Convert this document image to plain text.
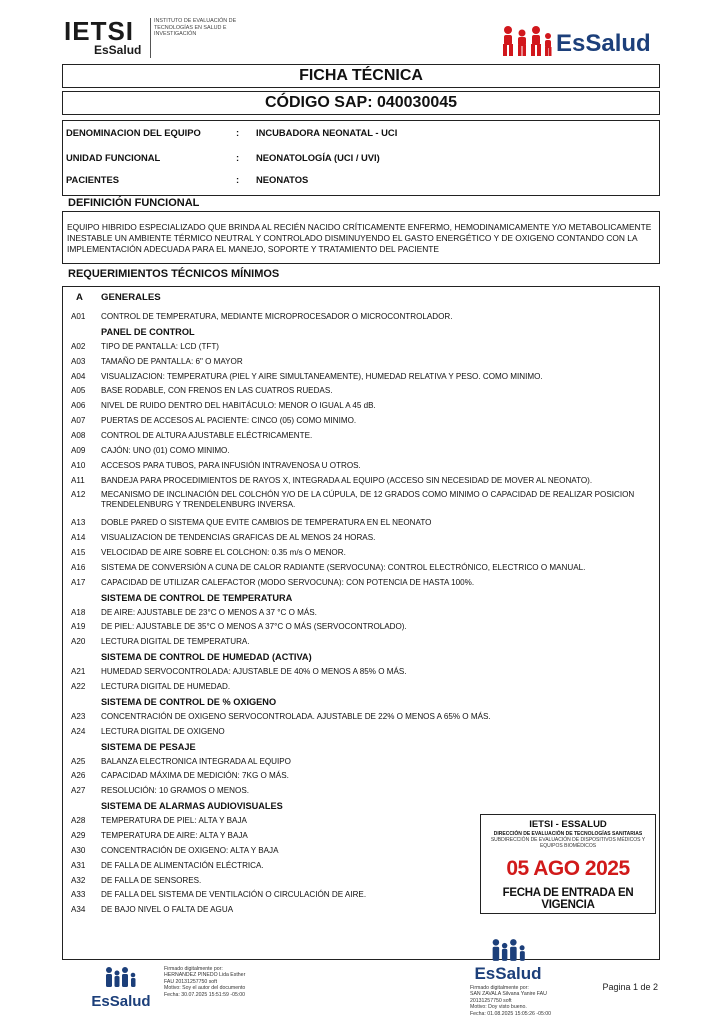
IETSI
EsSalud
INSTITUTO DE EVALUACIÓN DE TECNOLOGÍAS EN SALUD E INVESTIGACIÓN	EsSalud
FICHA TÉCNICA
CÓDIGO SAP: 040030045
DENOMINACION DEL EQUIPO	: INCUBADORA NEONATAL - UCI
UNIDAD FUNCIONAL	: NEONATOLOGÍA (UCI / UVI)
PACIENTES	: NEONATOS
DEFINICIÓN FUNCIONAL
EQUIPO HIBRIDO ESPECIALIZADO QUE BRINDA AL RECIÉN NACIDO CRÍTICAMENTE ENFERMO, HEMODINAMICAMENTE Y/O METABOLICAMENTE INESTABLE UN AMBIENTE TÉRMICO NEUTRAL Y CONTROLADO DISMINUYENDO EL GASTO ENERGÉTICO Y DE OXIGENO CONTANDO CON LA IMPLEMENTACIÓN ADECUADA PARA EL MANEJO, SOPORTE Y TRATAMIENTO DEL PACIENTE
REQUERIMIENTOS TÉCNICOS MÍNIMOS
A	GENERALES
A01	CONTROL DE TEMPERATURA, MEDIANTE MICROPROCESADOR O MICROCONTROLADOR.
PANEL DE CONTROL
A02	TIPO DE PANTALLA: LCD (TFT)
A03	TAMAÑO DE PANTALLA: 6" O MAYOR
A04	VISUALIZACION: TEMPERATURA (PIEL Y AIRE SIMULTANEAMENTE), HUMEDAD RELATIVA Y PESO. COMO MINIMO.
A05	BASE RODABLE, CON FRENOS EN LAS CUATROS RUEDAS.
A06	NIVEL DE RUIDO DENTRO DEL HABITÁCULO: MENOR O IGUAL A 45 dB.
A07	PUERTAS DE ACCESOS AL PACIENTE: CINCO (05) COMO MINIMO.
A08	CONTROL DE ALTURA AJUSTABLE ELÉCTRICAMENTE.
A09	CAJÓN: UNO (01) COMO MINIMO.
A10	ACCESOS PARA TUBOS, PARA INFUSIÓN INTRAVENOSA U OTROS.
A11	BANDEJA PARA PROCEDIMIENTOS DE RAYOS X, INTEGRADA AL EQUIPO (ACCESO SIN NECESIDAD DE MOVER AL NEONATO).
A12	MECANISMO DE INCLINACIÓN DEL COLCHÓN Y/O DE LA CÚPULA, DE 12 GRADOS COMO MINIMO O CAPACIDAD DE REALIZAR POSICION TRENDELENBURG Y TRENDELENBURG INVERSA.
A13	DOBLE PARED O SISTEMA QUE EVITE CAMBIOS DE TEMPERATURA EN EL NEONATO
A14	VISUALIZACION DE TENDENCIAS GRAFICAS DE AL MENOS 24 HORAS.
A15	VELOCIDAD DE AIRE SOBRE EL COLCHON: 0.35 m/s O MENOR.
A16	SISTEMA DE CONVERSIÓN A CUNA DE CALOR RADIANTE (SERVOCUNA): CONTROL ELECTRÓNICO, ELECTRICO O MANUAL.
A17	CAPACIDAD DE UTILIZAR CALEFACTOR (MODO SERVOCUNA): CON POTENCIA DE HASTA 100%.
SISTEMA DE CONTROL DE TEMPERATURA
A18	DE AIRE: AJUSTABLE DE 23°C O MENOS A 37 °C O MÁS.
A19	DE PIEL: AJUSTABLE DE 35°C O MENOS A 37°C O MÁS (SERVOCONTROLADO).
A20	LECTURA DIGITAL DE TEMPERATURA.
SISTEMA DE CONTROL DE HUMEDAD (ACTIVA)
A21	HUMEDAD SERVOCONTROLADA: AJUSTABLE DE 40% O MENOS A 85% O MÁS.
A22	LECTURA DIGITAL DE HUMEDAD.
SISTEMA DE CONTROL DE % OXIGENO
A23	CONCENTRACIÓN DE OXIGENO SERVOCONTROLADA. AJUSTABLE DE 22% O MENOS A 65% O MÁS.
A24	LECTURA DIGITAL DE OXIGENO
SISTEMA DE PESAJE
A25	BALANZA ELECTRONICA INTEGRADA AL EQUIPO
A26	CAPACIDAD MÁXIMA DE MEDICIÓN: 7KG O MÁS.
A27	RESOLUCIÓN: 10 GRAMOS O MENOS.
SISTEMA DE ALARMAS AUDIOVISUALES
A28	TEMPERATURA DE PIEL: ALTA Y BAJA
A29	TEMPERATURA DE AIRE: ALTA Y BAJA
A30	CONCENTRACIÓN DE OXIGENO: ALTA Y BAJA
A31	DE FALLA DE ALIMENTACIÓN ELÉCTRICA.
A32	DE FALLA DE SENSORES.
A33	DE FALLA DEL SISTEMA DE VENTILACIÓN O CIRCULACIÓN DE AIRE.
A34	DE BAJO NIVEL O FALTA DE AGUA
IETSI - ESSALUD
DIRECCIÓN DE EVALUACIÓN DE TECNOLOGÍAS SANITARIAS
SUBDIRECCIÓN DE EVALUACIÓN DE DISPOSITIVOS MÉDICOS Y EQUIPOS BIOMÉDICOS
05 AGO 2025
FECHA DE ENTRADA EN VIGENCIA
EsSalud
Firmado digitalmente por:
HERNANDEZ PINEDO Lida Esther
FAU 20131257750 soft
Motivo: Soy el autor del documento
Fecha: 30.07.2025 15:51:59 -05:00
EsSalud
Firmado digitalmente por:
SAN ZAVALA Silvana Yanire FAU
20131257750 soft
Motivo: Doy visto bueno.
Fecha: 01.08.2025 15:05:26 -05:00
Pagina 1 de 2
